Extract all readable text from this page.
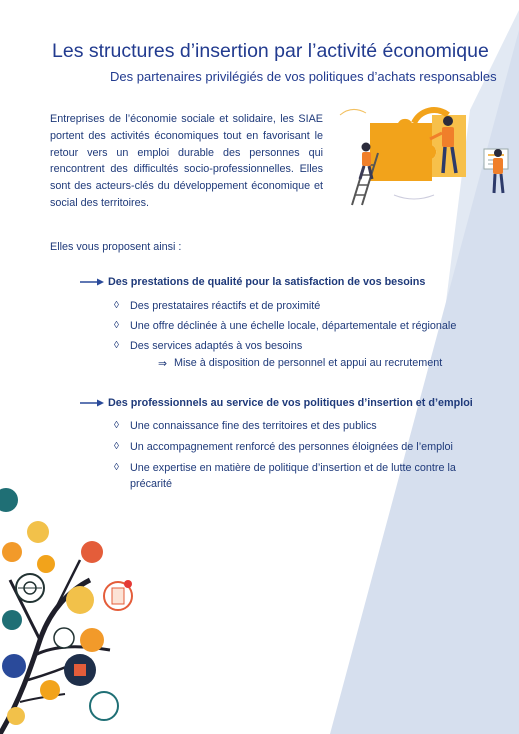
Les structures d’insertion par l’activité économique
Des partenaires privilégiés de vos politiques d’achats responsables

Entreprises de l’économie sociale et solidaire, les SIAE portent des activités économiques tout en favorisant le retour vers un emploi durable des personnes qui rencontrent des difficultés socio-professionnelles. Elles sont des acteurs-clés du développement économique et social des territoires.

Elles vous proposent ainsi :

Des prestations de qualité pour la satisfaction de vos besoins
◊	Des prestataires réactifs et de proximité
◊	Une offre déclinée à une échelle locale, départementale et régionale
◊	Des services adaptés à vos besoins
⇒ Mise à disposition de personnel et appui au recrutement
Des professionnels au service de vos politiques d’insertion et d’emploi
◊	Une connaissance fine des territoires et des publics
◊	Un accompagnement renforcé des personnes éloignées de l’emploi
◊	Une expertise en matière de politique d’insertion et de lutte contre la précarité
